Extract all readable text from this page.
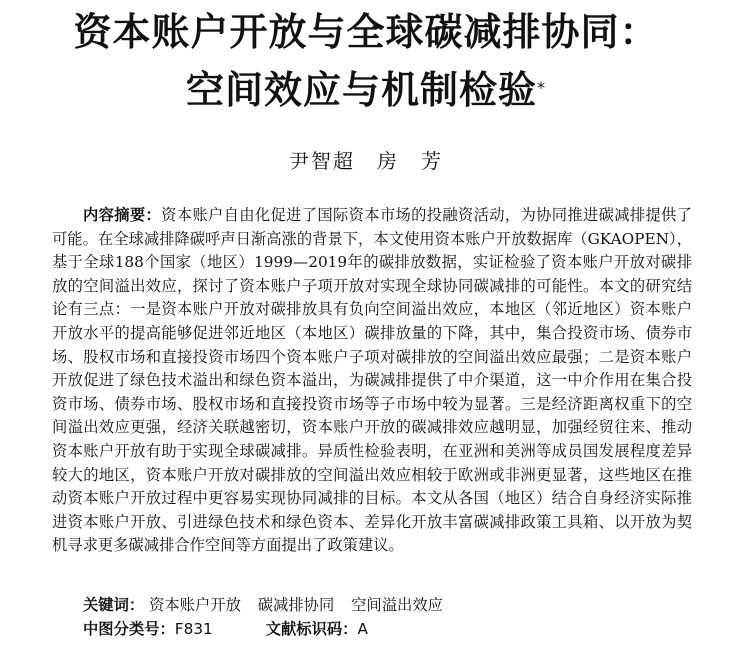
资本账户开放与全球碳减排协同：
空间效应与机制检验*
尹智超 房　芳

内容摘要：资本账户自由化促进了国际资本市场的投融资活动，为协同推进碳减排提供了可能。在全球减排降碳呼声日渐高涨的背景下，本文使用资本账户开放数据库（GKAOPEN），基于全球188个国家（地区）1999—2019年的碳排放数据，实证检验了资本账户开放对碳排放的空间溢出效应，探讨了资本账户子项开放对实现全球协同碳减排的可能性。本文的研究结论有三点：一是资本账户开放对碳排放具有负向空间溢出效应，本地区（邻近地区）资本账户开放水平的提高能够促进邻近地区（本地区）碳排放量的下降，其中，集合投资市场、债券市场、股权市场和直接投资市场四个资本账户子项对碳排放的空间溢出效应最强；二是资本账户开放促进了绿色技术溢出和绿色资本溢出，为碳减排提供了中介渠道，这一中介作用在集合投资市场、债券市场、股权市场和直接投资市场等子市场中较为显著。三是经济距离权重下的空间溢出效应更强，经济关联越密切，资本账户开放的碳减排效应越明显，加强经贸往来、推动资本账户开放有助于实现全球碳减排。异质性检验表明，在亚洲和美洲等成员国发展程度差异较大的地区，资本账户开放对碳排放的空间溢出效应相较于欧洲或非洲更显著，这些地区在推动资本账户开放过程中更容易实现协同减排的目标。本文从各国（地区）结合自身经济实际推进资本账户开放、引进绿色技术和绿色资本、差异化开放丰富碳减排政策工具箱、以开放为契机寻求更多碳减排合作空间等方面提出了政策建议。

关键词： 资本账户开放 碳减排协同 空间溢出效应
中图分类号：F831	文献标识码：A
